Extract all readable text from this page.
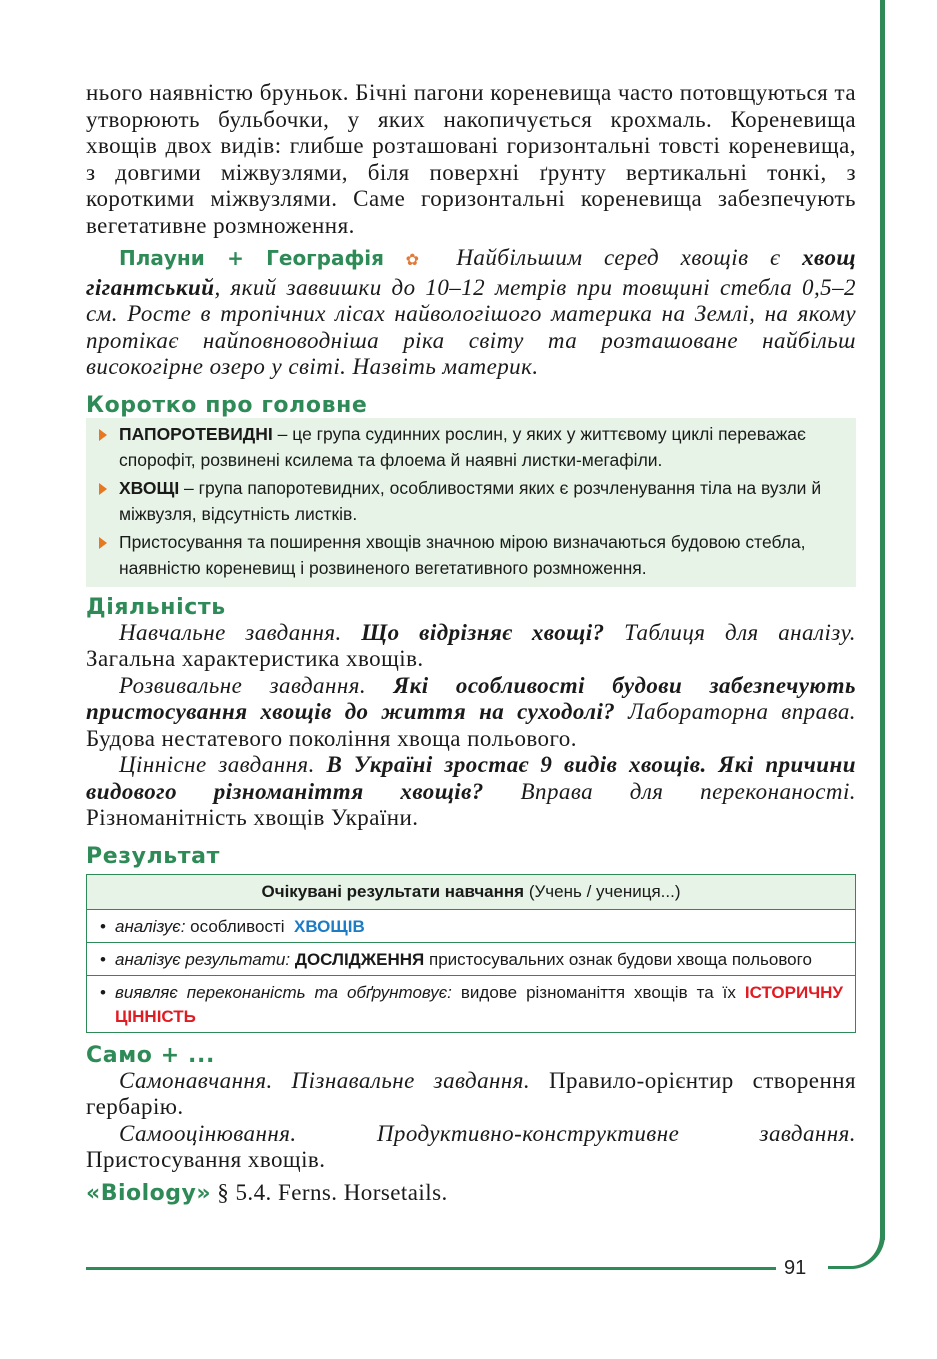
91

нього наявністю бруньок. Бічні пагони кореневища часто потовщуються та утворюють бульбочки, у яких накопичується крохмаль. Кореневища хвощів двох видів: глибше розташовані горизонтальні товсті кореневища, з довгими міжвузлями, біля поверхні ґрунту вертикальні тонкі, з короткими міжвузлями. Саме горизонтальні кореневища забезпечують вегетативне розмноження.

Плауни + Географія ✿ Найбільшим серед хвощів є хвощ гігантський, який заввишки до 10–12 метрів при товщині стебла 0,5–2 см. Росте в тропічних лісах найвологішого материка на Землі, на якому протікає найповноводніша ріка світу та розташоване найбільш високогірне озеро у світі. Назвіть материк.

Коротко про головне
ПАПОРОТЕВИДНІ – це група судинних рослин, у яких у життєвому циклі переважає спорофіт, розвинені ксилема та флоема й наявні листки-мегафіли.
ХВОЩІ – група папоротевидних, особливостями яких є розчленування тіла на вузли й міжвузля, відсутність листків.
Пристосування та поширення хвощів значною мірою визначаються будовою стебла, наявністю кореневищ і розвиненого вегетативного розмноження.
Діяльність

Навчальне завдання. Що відрізняє хвощі? Таблиця для аналізу. Загальна характеристика хвощів.

Розвивальне завдання. Які особливості будови забезпечують пристосування хвощів до життя на суходолі? Лабораторна вправа. Будова нестатевого покоління хвоща польового.

Ціннісне завдання. В Україні зростає 9 видів хвощів. Які причини видового різноманіття хвощів? Вправа для переконаності. Різноманітність хвощів України.

Результат
Очікувані результати навчання (Учень / учениця...)
• аналізує: особливості ХВОЩІВ
• аналізує результати: ДОСЛІДЖЕННЯ пристосувальних ознак будови хвоща польового
• виявляє переконаність та обґрунтовує: видове різноманіття хвощів та їх ІСТОРИЧНУ ЦІННІСТЬ
Само + ...

Самонавчання. Пізнавальне завдання. Правило-орієнтир створення гербарію.

Самооцінювання. Продуктивно-конструктивне завдання. Пристосування хвощів.

«Biology» § 5.4. Ferns. Horsetails.
